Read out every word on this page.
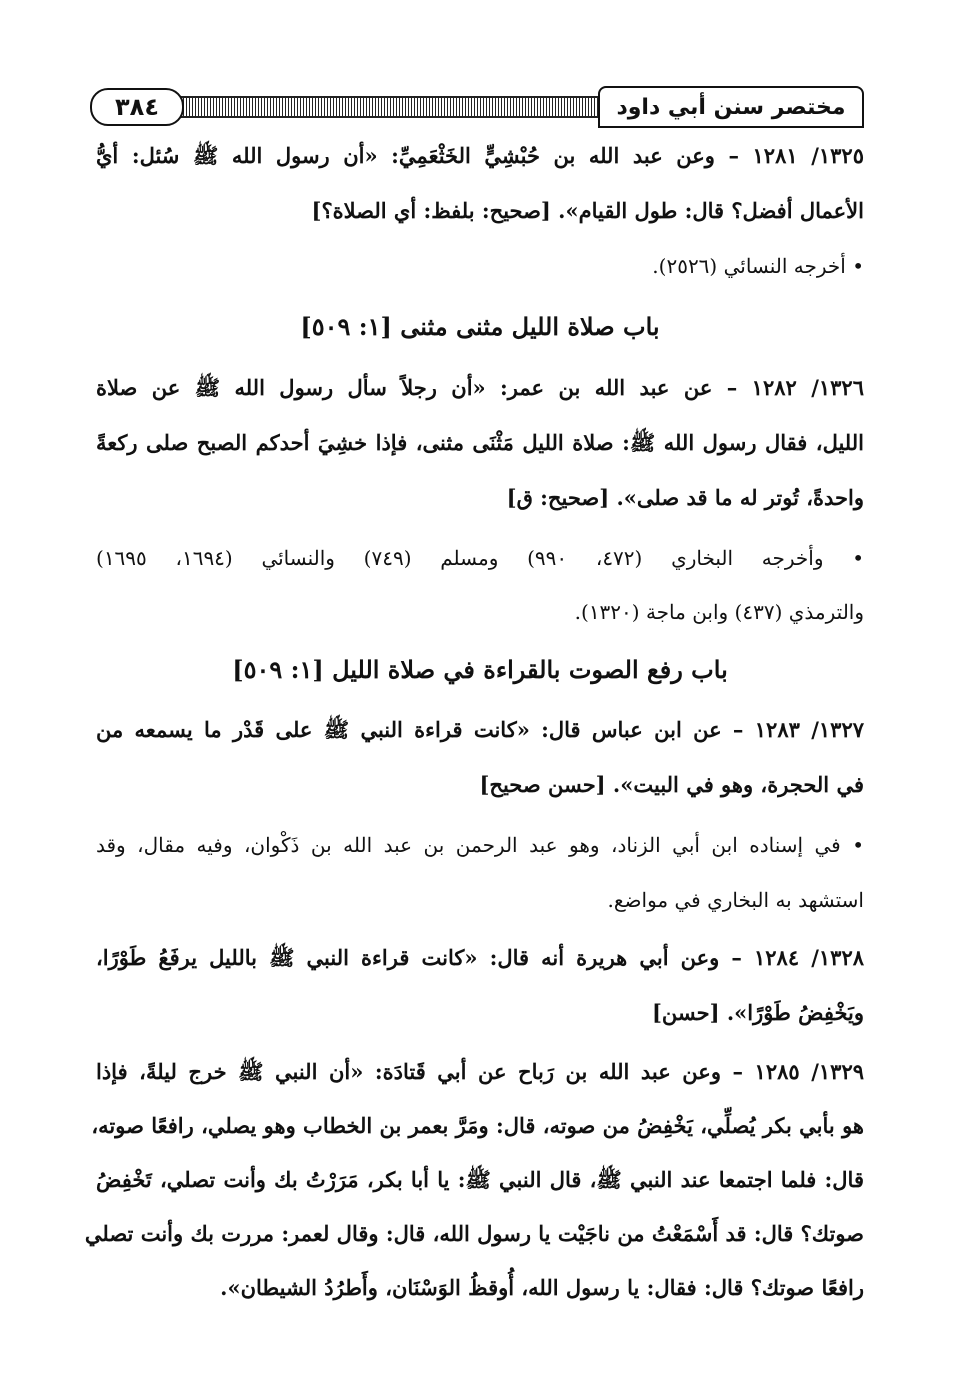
٣٨٤	مختصر سنن أبي داود
١٣٢٥/ ١٢٨١ – وعن عبد الله بن حُبْشِيٍّ الخَثْعَمِيِّ: «أن رسول الله ﷺ سُئل: أيُّ
الأعمال أفضل؟ قال: طول القيام». [صحيح: بلفظ: أي الصلاة؟]
• أخرجه النسائي (٢٥٢٦).
باب صلاة الليل مثنى مثنى [١: ٥٠٩]
١٣٢٦/ ١٢٨٢ – عن عبد الله بن عمر: «أن رجلاً سأل رسول الله ﷺ عن صلاة
الليل، فقال رسول الله ﷺ: صلاة الليل مَثْنَى مثنى، فإذا خشِيَ أحدكم الصبح صلى ركعةً
واحدةً، تُوتر له ما قد صلى». [صحيح: ق]
• وأخرجه البخاري (٤٧٢، ٩٩٠) ومسلم (٧٤٩) والنسائي (١٦٩٤، ١٦٩٥)
والترمذي (٤٣٧) وابن ماجة (١٣٢٠).
باب رفع الصوت بالقراءة في صلاة الليل [١: ٥٠٩]
١٣٢٧/ ١٢٨٣ – عن ابن عباس قال: «كانت قراءة النبي ﷺ على قَدْر ما يسمعه من
في الحجرة، وهو في البيت». [حسن صحيح]
• في إسناده ابن أبي الزناد، وهو عبد الرحمن بن عبد الله بن ذَكْوان، وفيه مقال، وقد
استشهد به البخاري في مواضع.
١٣٢٨/ ١٢٨٤ – وعن أبي هريرة أنه قال: «كانت قراءة النبي ﷺ بالليل يرفَعُ طَوْرًا،
ويَخْفِضُ طَوْرًا». [حسن]
١٣٢٩/ ١٢٨٥ – وعن عبد الله بن رَباح عن أبي قَتادَة: «أن النبي ﷺ خرج ليلةً، فإذا
هو بأبي بكر يُصلِّي، يَخْفِضُ من صوته، قال: ومَرَّ بعمر بن الخطاب وهو يصلي، رافعًا صوته،
قال: فلما اجتمعا عند النبي ﷺ، قال النبي ﷺ: يا أبا بكر، مَرَرْتُ بك وأنت تصلي، تَخْفِضُ
صوتك؟ قال: قد أَسْمَعْتُ من ناجَيْت يا رسول الله، قال: وقال لعمر: مررت بك وأنت تصلي
رافعًا صوتك؟ قال: فقال: يا رسول الله، أُوقظُ الوَسْنَان، وأَطرُدُ الشيطان».
